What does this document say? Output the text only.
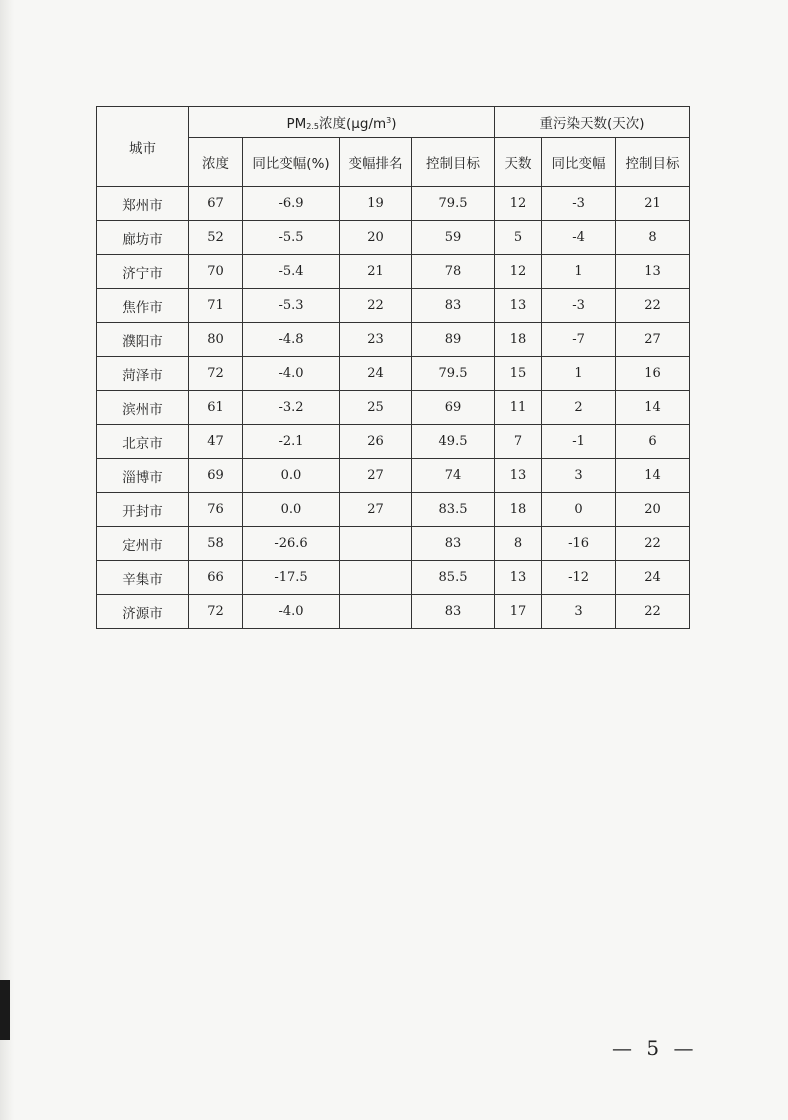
城市	$PM_{2.5}$浓度$(\mu g/m^3)$				重污染天数(天次)		
	浓度	同比变幅(%)	变幅排名	控制目标	天数	同比变幅	控制目标
郑州市	67	-6.9	19	79.5	12	-3	21
廊坊市	52	-5.5	20	59	5	-4	8
济宁市	70	-5.4	21	78	12	1	13
焦作市	71	-5.3	22	83	13	-3	22
濮阳市	80	-4.8	23	89	18	-7	27
菏泽市	72	-4.0	24	79.5	15	1	16
滨州市	61	-3.2	25	69	11	2	14
北京市	47	-2.1	26	49.5	7	-1	6
淄博市	69	0.0	27	74	13	3	14
开封市	76	0.0	27	83.5	18	0	20
定州市	58	-26.6		83	8	-16	22
辛集市	66	-17.5		85.5	13	-12	24
济源市	72	-4.0		83	17	3	22
— 5 —
